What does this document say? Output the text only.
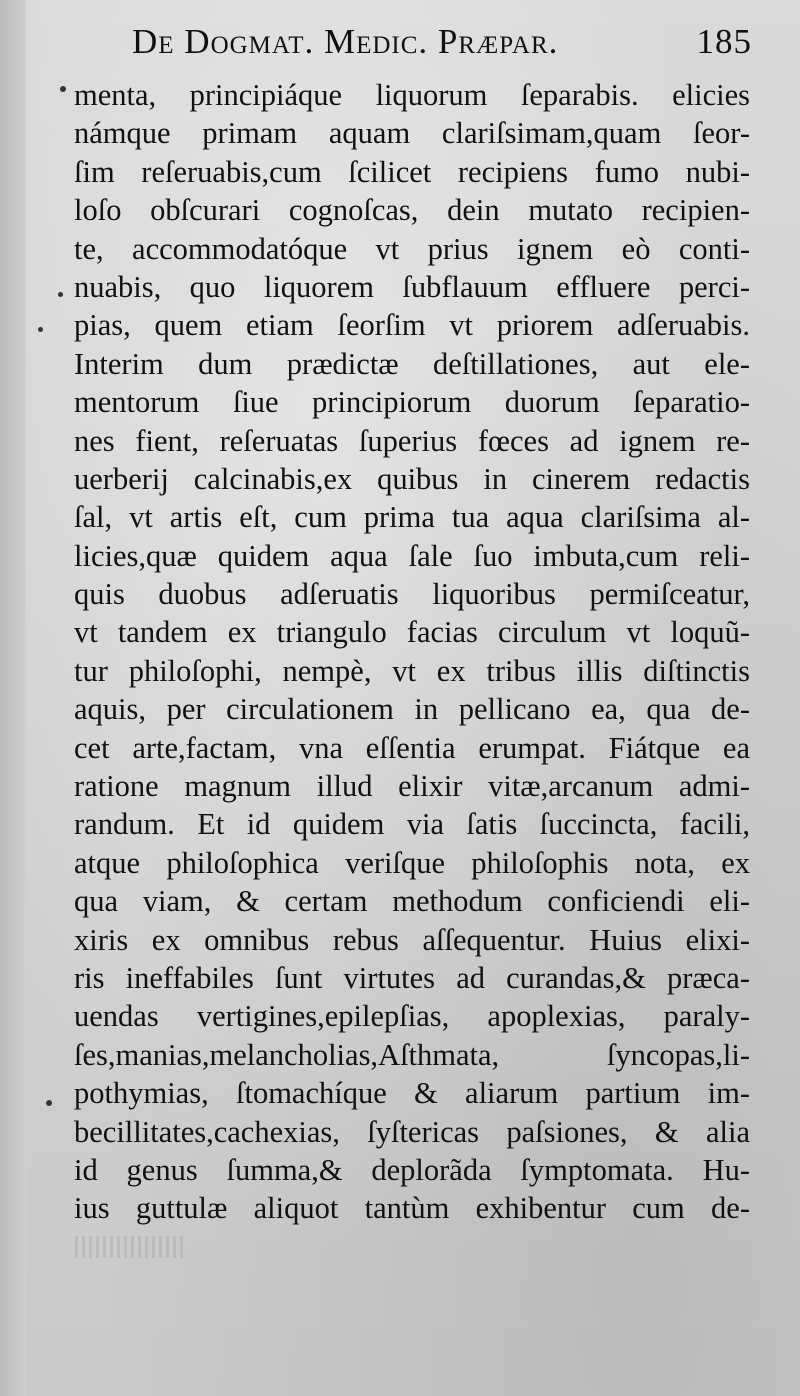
De Dogmat. Medic. Præpar.	185
menta, principiáque liquorum ſeparabis. elicies
námque primam aquam clariſsimam,quam ſeor-
ſim reſeruabis,cum ſcilicet recipiens fumo nubi-
loſo obſcurari cognoſcas, dein mutato recipien-
te, accommodatóque vt prius ignem eò conti-
nuabis, quo liquorem ſubflauum effluere perci-
pias, quem etiam ſeorſim vt priorem adſeruabis.
Interim dum prædictæ deſtillationes, aut ele-
mentorum ſiue principiorum duorum ſeparatio-
nes fient, reſeruatas ſuperius fœces ad ignem re-
uerberij calcinabis,ex quibus in cinerem redactis
ſal, vt artis eſt, cum prima tua aqua clariſsima al-
licies,quæ quidem aqua ſale ſuo imbuta,cum reli-
quis duobus adſeruatis liquoribus permiſceatur,
vt tandem ex triangulo facias circulum vt loquũ-
tur philoſophi, nempè, vt ex tribus illis diſtinctis
aquis, per circulationem in pellicano ea, qua de-
cet arte,factam, vna eſſentia erumpat. Fiátque ea
ratione magnum illud elixir vitæ,arcanum admi-
randum. Et id quidem via ſatis ſuccincta, facili,
atque philoſophica veriſque philoſophis nota, ex
qua viam, & certam methodum conficiendi eli-
xiris ex omnibus rebus aſſequentur. Huius elixi-
ris ineffabiles ſunt virtutes ad curandas,& præca-
uendas vertigines,epilepſias, apoplexias, paraly-
ſes,manias,melancholias,Aſthmata, ſyncopas,li-
pothymias, ſtomachíque & aliarum partium im-
becillitates,cachexias, ſyſtericas paſsiones, & alia
id genus ſumma,& deplorãda ſymptomata. Hu-
ius guttulæ aliquot tantùm exhibentur cum de-
